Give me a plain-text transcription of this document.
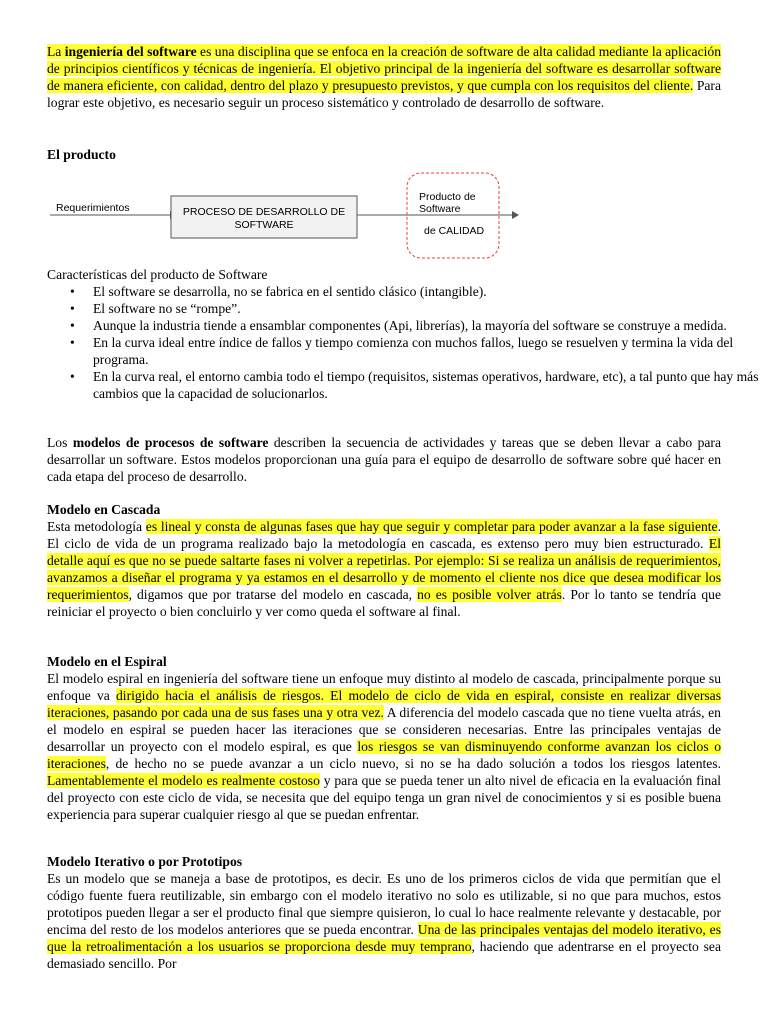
La ingeniería del software es una disciplina que se enfoca en la creación de software de alta calidad mediante la aplicación de principios científicos y técnicas de ingeniería. El objetivo principal de la ingeniería del software es desarrollar software de manera eficiente, con calidad, dentro del plazo y presupuesto previstos, y que cumpla con los requisitos del cliente. Para lograr este objetivo, es necesario seguir un proceso sistemático y controlado de desarrollo de software.

El producto

Requerimientos	PROCESO DE DESARROLLO DE
SOFTWARE
Producto de
Software
de CALIDAD

Características del producto de Software

• El software se desarrolla, no se fabrica en el sentido clásico (intangible).
• El software no se “rompe”.
• Aunque la industria tiende a ensamblar componentes (Api, librerías), la mayoría del software se construye a medida.
• En la curva ideal entre índice de fallos y tiempo comienza con muchos fallos, luego se resuelven y termina la vida del programa.
• En la curva real, el entorno cambia todo el tiempo (requisitos, sistemas operativos, hardware, etc), a tal punto que hay más cambios que la capacidad de solucionarlos.

Los modelos de procesos de software describen la secuencia de actividades y tareas que se deben llevar a cabo para desarrollar un software. Estos modelos proporcionan una guía para el equipo de desarrollo de software sobre qué hacer en cada etapa del proceso de desarrollo.

Modelo en Cascada

Esta metodología es lineal y consta de algunas fases que hay que seguir y completar para poder avanzar a la fase siguiente. El ciclo de vida de un programa realizado bajo la metodología en cascada, es extenso pero muy bien estructurado. El detalle aquí es que no se puede saltarte fases ni volver a repetirlas. Por ejemplo: Si se realiza un análisis de requerimientos, avanzamos a diseñar el programa y ya estamos en el desarrollo y de momento el cliente nos dice que desea modificar los requerimientos, digamos que por tratarse del modelo en cascada, no es posible volver atrás. Por lo tanto se tendría que reiniciar el proyecto o bien concluirlo y ver como queda el software al final.

Modelo en el Espiral

El modelo espiral en ingeniería del software tiene un enfoque muy distinto al modelo de cascada, principalmente porque su enfoque va dirigido hacia el análisis de riesgos. El modelo de ciclo de vida en espiral, consiste en realizar diversas iteraciones, pasando por cada una de sus fases una y otra vez. A diferencia del modelo cascada que no tiene vuelta atrás, en el modelo en espiral se pueden hacer las iteraciones que se consideren necesarias. Entre las principales ventajas de desarrollar un proyecto con el modelo espiral, es que los riesgos se van disminuyendo conforme avanzan los ciclos o iteraciones, de hecho no se puede avanzar a un ciclo nuevo, si no se ha dado solución a todos los riesgos latentes. Lamentablemente el modelo es realmente costoso y para que se pueda tener un alto nivel de eficacia en la evaluación final del proyecto con este ciclo de vida, se necesita que del equipo tenga un gran nivel de conocimientos y si es posible buena experiencia para superar cualquier riesgo al que se puedan enfrentar.

Modelo Iterativo o por Prototipos

Es un modelo que se maneja a base de prototipos, es decir. Es uno de los primeros ciclos de vida que permitían que el código fuente fuera reutilizable, sin embargo con el modelo iterativo no solo es utilizable, si no que para muchos, estos prototipos pueden llegar a ser el producto final que siempre quisieron, lo cual lo hace realmente relevante y destacable, por encima del resto de los modelos anteriores que se pueda encontrar. Una de las principales ventajas del modelo iterativo, es que la retroalimentación a los usuarios se proporciona desde muy temprano, haciendo que adentrarse en el proyecto sea demasiado sencillo. Por
